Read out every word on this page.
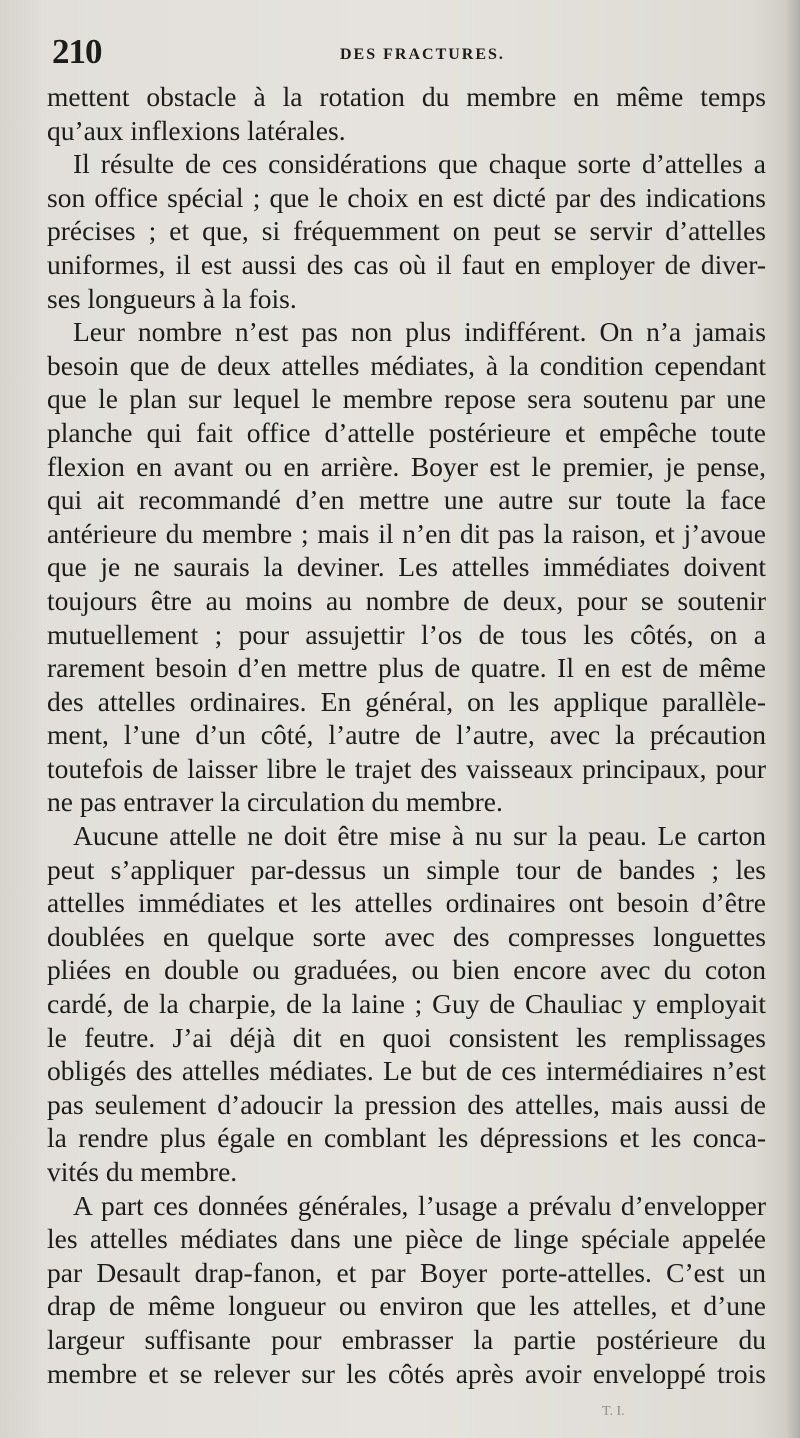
210	DES FRACTURES.
mettent obstacle à la rotation du membre en même temps
qu’aux inflexions latérales.
Il résulte de ces considérations que chaque sorte d’attelles a
son office spécial ; que le choix en est dicté par des indications
précises ; et que, si fréquemment on peut se servir d’attelles
uniformes, il est aussi des cas où il faut en employer de diver-
ses longueurs à la fois.
Leur nombre n’est pas non plus indifférent. On n’a jamais
besoin que de deux attelles médiates, à la condition cependant
que le plan sur lequel le membre repose sera soutenu par une
planche qui fait office d’attelle postérieure et empêche toute
flexion en avant ou en arrière. Boyer est le premier, je pense,
qui ait recommandé d’en mettre une autre sur toute la face
antérieure du membre ; mais il n’en dit pas la raison, et j’avoue
que je ne saurais la deviner. Les attelles immédiates doivent
toujours être au moins au nombre de deux, pour se soutenir
mutuellement ; pour assujettir l’os de tous les côtés, on a
rarement besoin d’en mettre plus de quatre. Il en est de même
des attelles ordinaires. En général, on les applique parallèle-
ment, l’une d’un côté, l’autre de l’autre, avec la précaution
toutefois de laisser libre le trajet des vaisseaux principaux, pour
ne pas entraver la circulation du membre.
Aucune attelle ne doit être mise à nu sur la peau. Le carton
peut s’appliquer par-dessus un simple tour de bandes ; les
attelles immédiates et les attelles ordinaires ont besoin d’être
doublées en quelque sorte avec des compresses longuettes
pliées en double ou graduées, ou bien encore avec du coton
cardé, de la charpie, de la laine ; Guy de Chauliac y employait
le feutre. J’ai déjà dit en quoi consistent les remplissages
obligés des attelles médiates. Le but de ces intermédiaires n’est
pas seulement d’adoucir la pression des attelles, mais aussi de
la rendre plus égale en comblant les dépressions et les conca-
vités du membre.
A part ces données générales, l’usage a prévalu d’envelopper
les attelles médiates dans une pièce de linge spéciale appelée
par Desault drap-fanon, et par Boyer porte-attelles. C’est un
drap de même longueur ou environ que les attelles, et d’une
largeur suffisante pour embrasser la partie postérieure du
membre et se relever sur les côtés après avoir enveloppé trois
T. I.
